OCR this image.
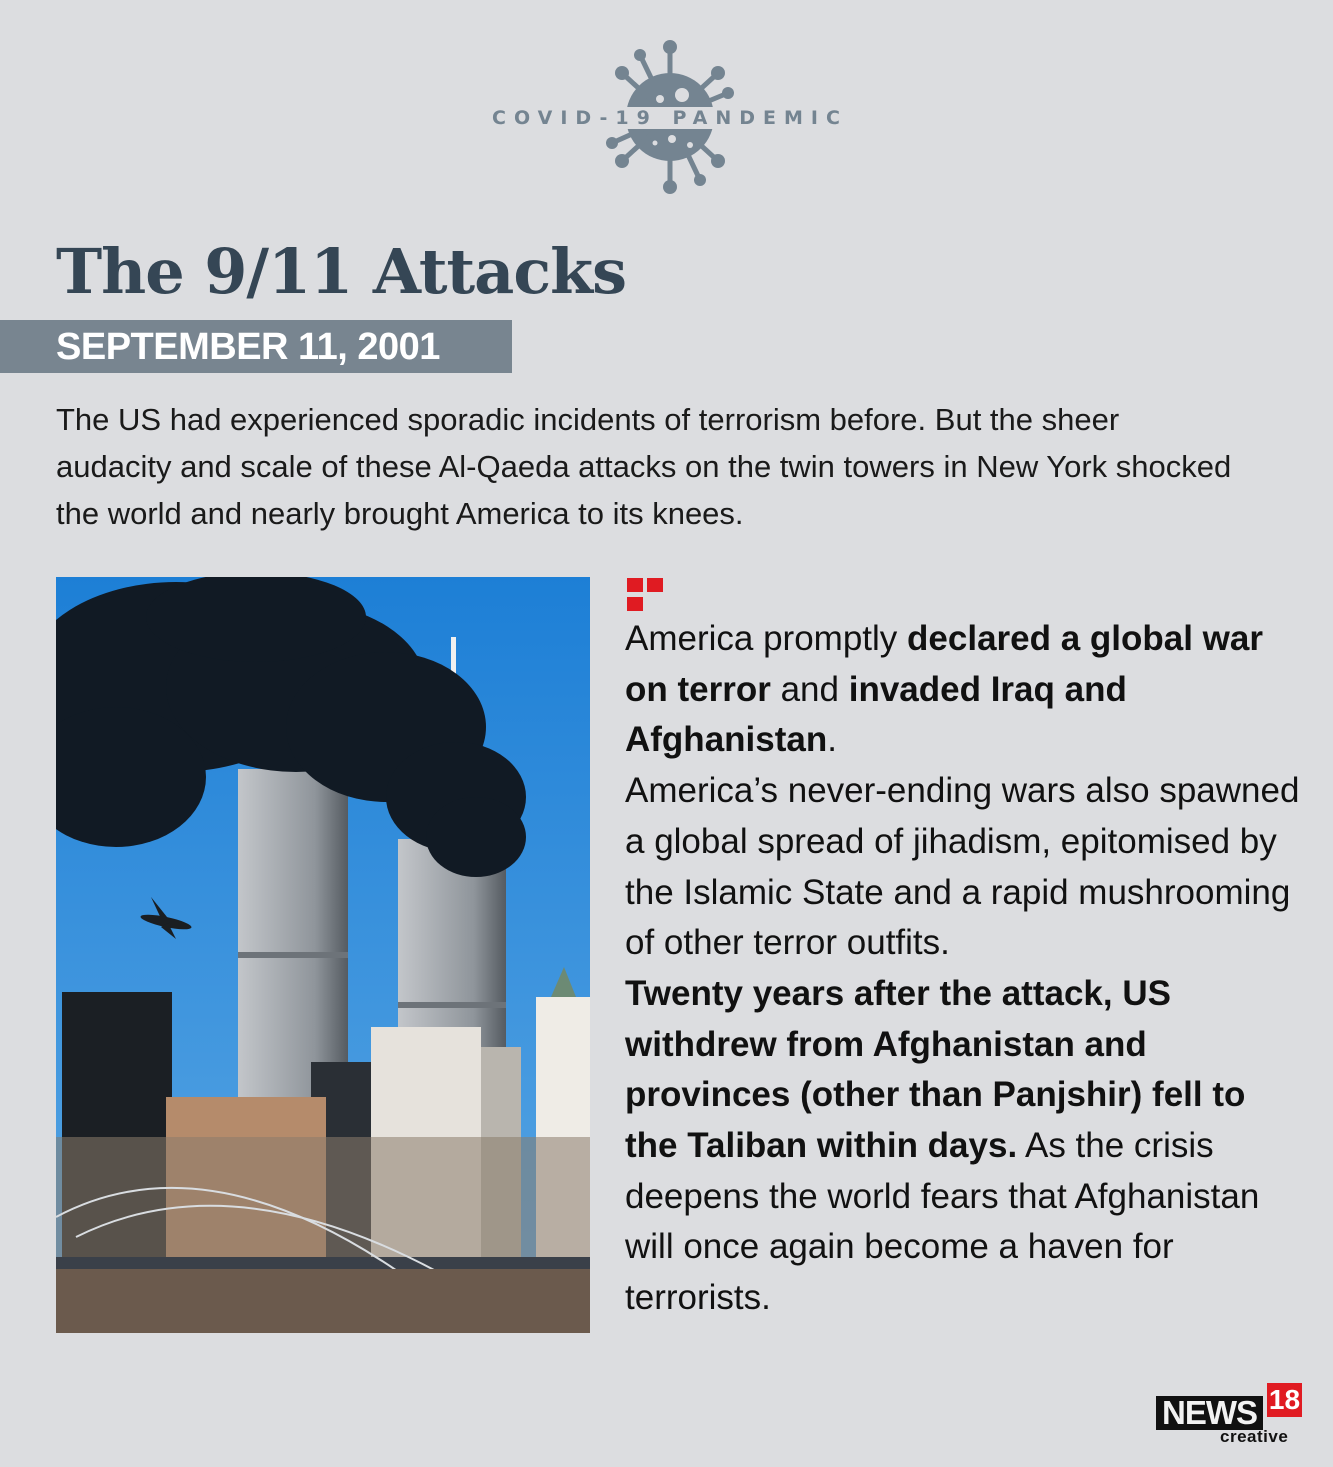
COVID-19 PANDEMIC
The 9/11 Attacks
SEPTEMBER 11, 2001
The US had experienced sporadic incidents of terrorism before. But the sheer audacity and scale of these Al-Qaeda attacks on the twin towers in New York shocked the world and nearly brought America to its knees.

America promptly declared a global war on terror and invaded Iraq and Afghanistan.

America’s never-ending wars also spawned a global spread of jihadism, epitomised by the Islamic State and a rapid mushrooming of other terror outfits.

Twenty years after the attack, US withdrew from Afghanistan and provinces (other than Panjshir) fell to the Taliban within days. As the crisis deepens the world fears that Afghanistan will once again become a haven for terrorists.

NEWS 18
creative
